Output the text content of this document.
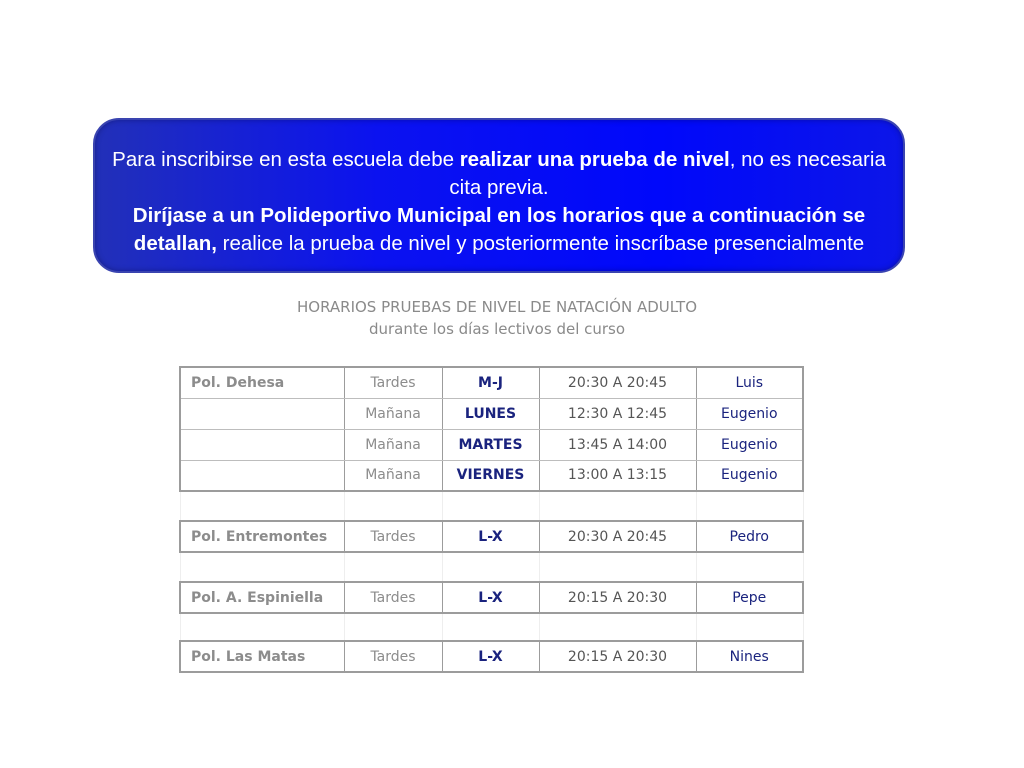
Para inscribirse en esta escuela debe realizar una prueba de nivel, no es necesaria cita previa.
Diríjase a un Polideportivo Municipal en los horarios que a continuación se detallan, realice la prueba de nivel y posteriormente inscríbase presencialmente
HORARIOS PRUEBAS DE NIVEL DE NATACIÓN ADULTO
durante los días lectivos del curso
Pol. Dehesa	Tardes	M-J	20:30 A 20:45	Luis
	Mañana	LUNES	12:30 A 12:45	Eugenio
	Mañana	MARTES	13:45 A 14:00	Eugenio
	Mañana	VIERNES	13:00 A 13:15	Eugenio

Pol. Entremontes	Tardes	L-X	20:30 A 20:45	Pedro

Pol. A. Espiniella	Tardes	L-X	20:15 A 20:30	Pepe

Pol. Las Matas	Tardes	L-X	20:15 A 20:30	Nines
